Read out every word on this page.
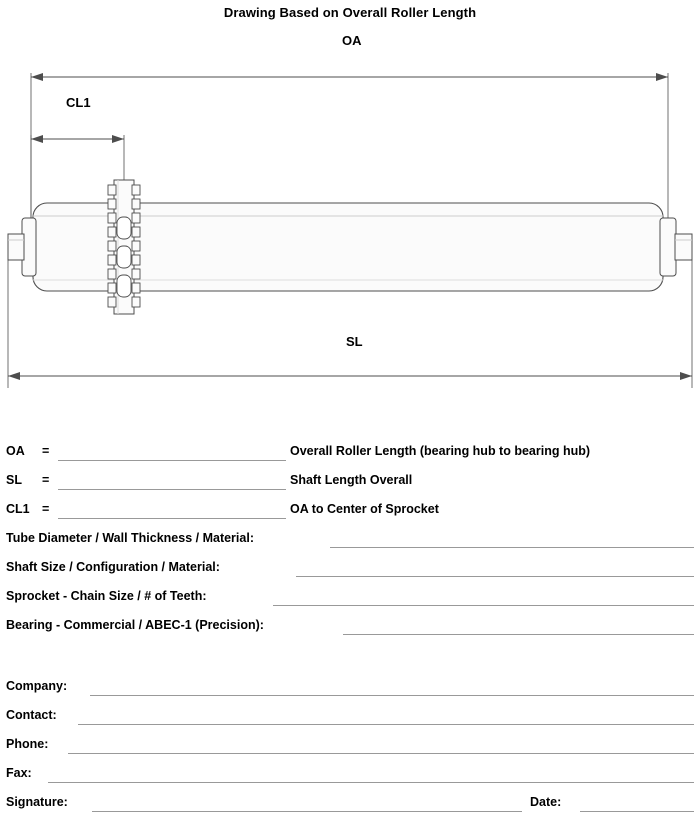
Drawing Based on Overall Roller Length
OA
CL1
SL
OA =	Overall Roller Length (bearing hub to bearing hub)
SL =	Shaft Length Overall
CL1 =	OA to Center of Sprocket
Tube Diameter / Wall Thickness / Material:
Shaft Size / Configuration / Material:
Sprocket - Chain Size / # of Teeth:
Bearing - Commercial / ABEC-1 (Precision):
Company:
Contact:
Phone:
Fax:
Signature:	Date:
